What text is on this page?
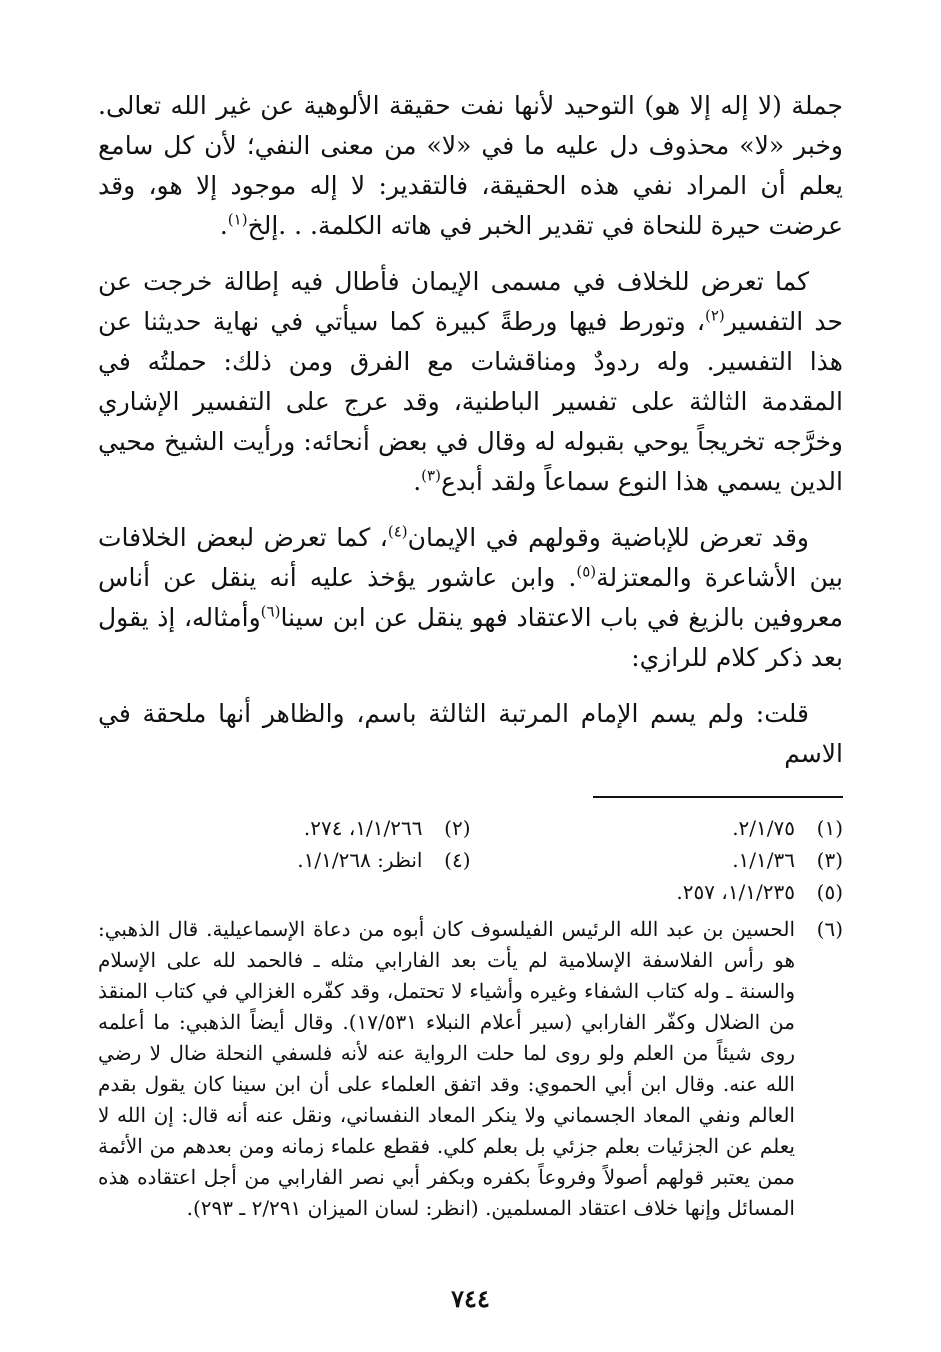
جملة (لا إله إلا هو) التوحيد لأنها نفت حقيقة الألوهية عن غير الله تعالى. وخبر «لا» محذوف دل عليه ما في «لا» من معنى النفي؛ لأن كل سامع يعلم أن المراد نفي هذه الحقيقة، فالتقدير: لا إله موجود إلا هو، وقد عرضت حيرة للنحاة في تقدير الخبر في هاته الكلمة. . .إلخ$^{(١)}$.

كما تعرض للخلاف في مسمى الإيمان فأطال فيه إطالة خرجت عن حد التفسير$^{(٢)}$، وتورط فيها ورطةً كبيرة كما سيأتي في نهاية حديثنا عن هذا التفسير. وله ردودٌ ومناقشات مع الفرق ومن ذلك: حملتُه في المقدمة الثالثة على تفسير الباطنية، وقد عرج على التفسير الإشاري وخرَّجه تخريجاً يوحي بقبوله له وقال في بعض أنحائه: ورأيت الشيخ محيي الدين يسمي هذا النوع سماعاً ولقد أبدع$^{(٣)}$.

وقد تعرض للإباضية وقولهم في الإيمان$^{(٤)}$، كما تعرض لبعض الخلافات بين الأشاعرة والمعتزلة$^{(٥)}$. وابن عاشور يؤخذ عليه أنه ينقل عن أناس معروفين بالزيغ في باب الاعتقاد فهو ينقل عن ابن سينا$^{(٦)}$وأمثاله، إذ يقول بعد ذكر كلام للرازي:

قلت: ولم يسم الإمام المرتبة الثالثة باسم، والظاهر أنها ملحقة في الاسم

(١)
٢/١/٧٥.
(٢)
١/١/٢٦٦، ٢٧٤.
(٣)
١/١/٣٦.
(٤)
انظر: ١/١/٢٦٨.
(٥)
١/١/٢٣٥، ٢٥٧.
(٦)
الحسين بن عبد الله الرئيس الفيلسوف كان أبوه من دعاة الإسماعيلية. قال الذهبي: هو رأس الفلاسفة الإسلامية لم يأت بعد الفارابي مثله ـ فالحمد لله على الإسلام والسنة ـ وله كتاب الشفاء وغيره وأشياء لا تحتمل، وقد كفّره الغزالي في كتاب المنقذ من الضلال وكفّر الفارابي (سير أعلام النبلاء ١٧/٥٣١). وقال أيضاً الذهبي: ما أعلمه روى شيئاً من العلم ولو روى لما حلت الرواية عنه لأنه فلسفي النحلة ضال لا رضي الله عنه. وقال ابن أبي الحموي: وقد اتفق العلماء على أن ابن سينا كان يقول بقدم العالم ونفي المعاد الجسماني ولا ينكر المعاد النفساني، ونقل عنه أنه قال: إن الله لا يعلم عن الجزئيات بعلم جزئي بل بعلم كلي. فقطع علماء زمانه ومن بعدهم من الأئمة ممن يعتبر قولهم أصولاً وفروعاً بكفره وبكفر أبي نصر الفارابي من أجل اعتقاده هذه المسائل وإنها خلاف اعتقاد المسلمين. (انظر: لسان الميزان ٢/٢٩١ ـ ٢٩٣).
٧٤٤
